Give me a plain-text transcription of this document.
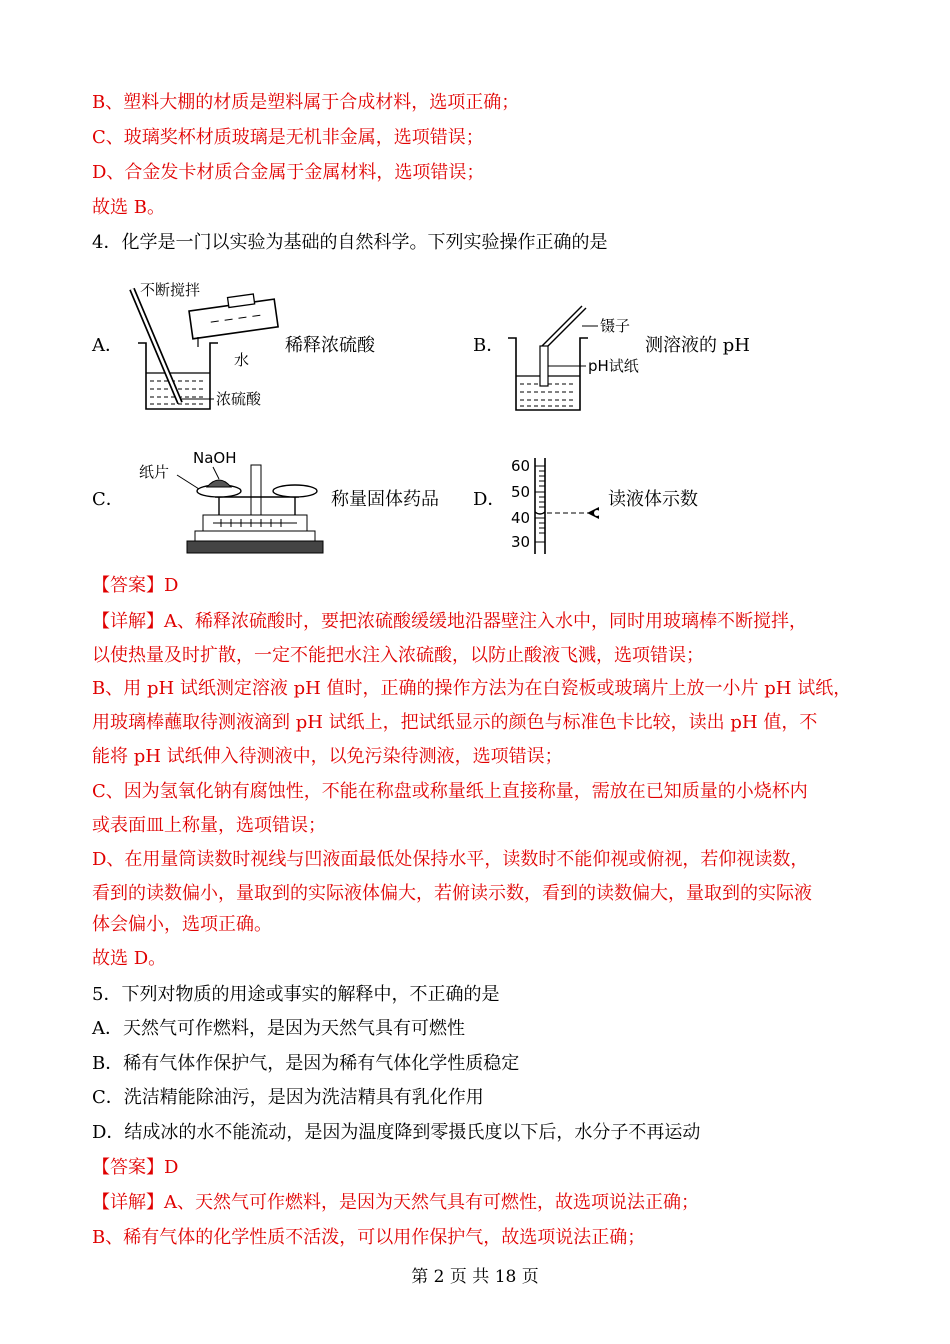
B、塑料大棚的材质是塑料属于合成材料，选项正确；
C、玻璃奖杯材质玻璃是无机非金属，选项错误；
D、合金发卡材质合金属于金属材料，选项错误；
故选 B。
4．化学是一门以实验为基础的自然科学。下列实验操作正确的是
A．
不断搅拌
水
浓硫酸
稀释浓硫酸	B．
镊子
pH试纸
测溶液的 pH
C．
NaOH
纸片
称量固体药品 D．
60
50
40
30
读液体示数
【答案】D
【详解】A、稀释浓硫酸时，要把浓硫酸缓缓地沿器壁注入水中，同时用玻璃棒不断搅拌，
以使热量及时扩散，一定不能把水注入浓硫酸，以防止酸液飞溅，选项错误；
B、用 pH 试纸测定溶液 pH 值时，正确的操作方法为在白瓷板或玻璃片上放一小片 pH 试纸，
用玻璃棒蘸取待测液滴到 pH 试纸上，把试纸显示的颜色与标准色卡比较，读出 pH 值，不
能将 pH 试纸伸入待测液中，以免污染待测液，选项错误；
C、因为氢氧化钠有腐蚀性，不能在称盘或称量纸上直接称量，需放在已知质量的小烧杯内
或表面皿上称量，选项错误；
D、在用量筒读数时视线与凹液面最低处保持水平，读数时不能仰视或俯视，若仰视读数，
看到的读数偏小，量取到的实际液体偏大，若俯读示数，看到的读数偏大，量取到的实际液
体会偏小，选项正确。
故选 D。
5．下列对物质的用途或事实的解释中，不正确的是
A．天然气可作燃料，是因为天然气具有可燃性
B．稀有气体作保护气，是因为稀有气体化学性质稳定
C．洗洁精能除油污，是因为洗洁精具有乳化作用
D．结成冰的水不能流动，是因为温度降到零摄氏度以下后，水分子不再运动
【答案】D
【详解】A、天然气可作燃料，是因为天然气具有可燃性，故选项说法正确；
B、稀有气体的化学性质不活泼，可以用作保护气，故选项说法正确；
第 2 页 共 18 页
